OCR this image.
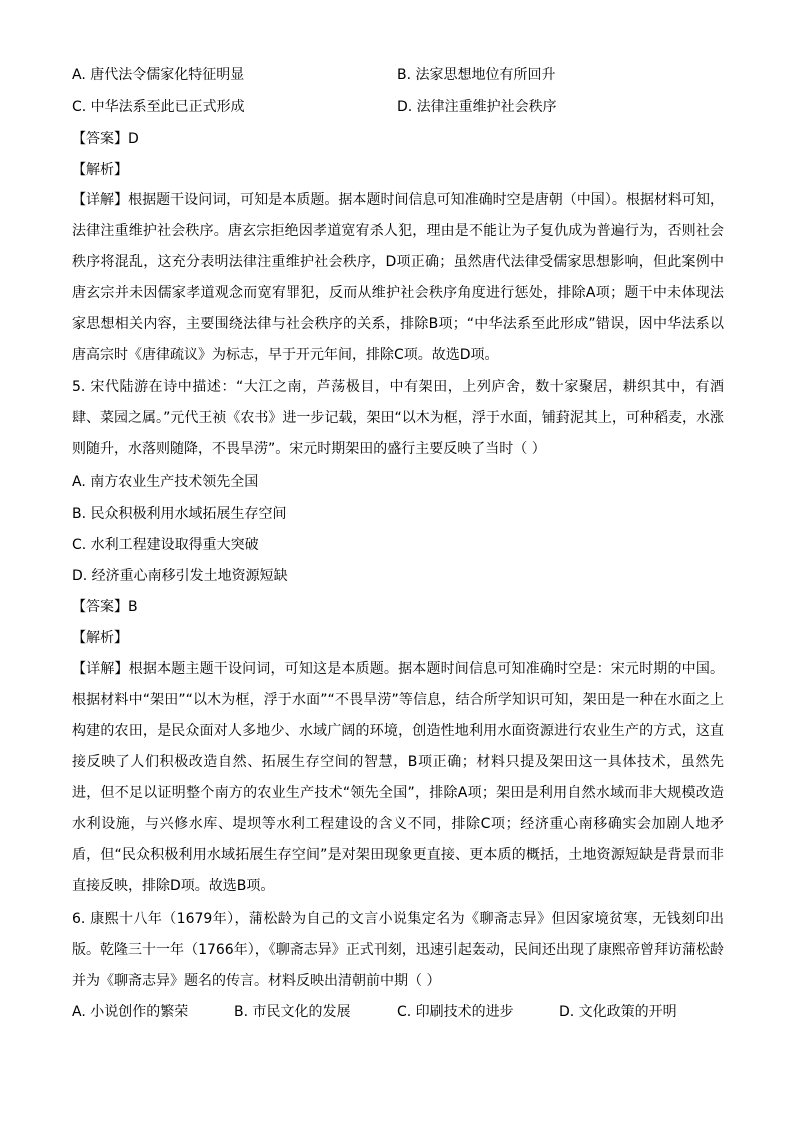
A. 唐代法令儒家化特征明显	B. 法家思想地位有所回升
C. 中华法系至此已正式形成	D. 法律注重维护社会秩序
【答案】D
【解析】
【详解】根据题干设问词，可知是本质题。据本题时间信息可知准确时空是唐朝（中国）。根据材料可知，法律注重维护社会秩序。唐玄宗拒绝因孝道宽宥杀人犯，理由是不能让为子复仇成为普遍行为，否则社会秩序将混乱，这充分表明法律注重维护社会秩序，D项正确；虽然唐代法律受儒家思想影响，但此案例中唐玄宗并未因儒家孝道观念而宽宥罪犯，反而从维护社会秩序角度进行惩处，排除A项；题干中未体现法家思想相关内容，主要围绕法律与社会秩序的关系，排除B项；“中华法系至此形成”错误，因中华法系以唐高宗时《唐律疏议》为标志，早于开元年间，排除C项。故选D项。
5. 宋代陆游在诗中描述：“大江之南，芦荡极目，中有架田，上列庐舍，数十家聚居，耕织其中，有酒肆、菜园之属。”元代王祯《农书》进一步记载，架田“以木为框，浮于水面，铺葑泥其上，可种稻麦，水涨则随升，水落则随降，不畏旱涝”。宋元时期架田的盛行主要反映了当时（ ）
A. 南方农业生产技术领先全国
B. 民众积极利用水域拓展生存空间
C. 水利工程建设取得重大突破
D. 经济重心南移引发土地资源短缺
【答案】B
【解析】
【详解】根据本题主题干设问词，可知这是本质题。据本题时间信息可知准确时空是：宋元时期的中国。根据材料中“架田”“以木为框，浮于水面”“不畏旱涝”等信息，结合所学知识可知，架田是一种在水面之上构建的农田，是民众面对人多地少、水域广阔的环境，创造性地利用水面资源进行农业生产的方式，这直接反映了人们积极改造自然、拓展生存空间的智慧，B项正确；材料只提及架田这一具体技术，虽然先进，但不足以证明整个南方的农业生产技术“领先全国”，排除A项；架田是利用自然水域而非大规模改造水利设施，与兴修水库、堤坝等水利工程建设的含义不同，排除C项；经济重心南移确实会加剧人地矛盾，但“民众积极利用水域拓展生存空间”是对架田现象更直接、更本质的概括，土地资源短缺是背景而非直接反映，排除D项。故选B项。
6. 康熙十八年（1679年），蒲松龄为自己的文言小说集定名为《聊斋志异》但因家境贫寒，无钱刻印出版。乾隆三十一年（1766年），《聊斋志异》正式刊刻，迅速引起轰动，民间还出现了康熙帝曾拜访蒲松龄并为《聊斋志异》题名的传言。材料反映出清朝前中期（ ）
A. 小说创作的繁荣	B. 市民文化的发展	C. 印刷技术的进步	D. 文化政策的开明
